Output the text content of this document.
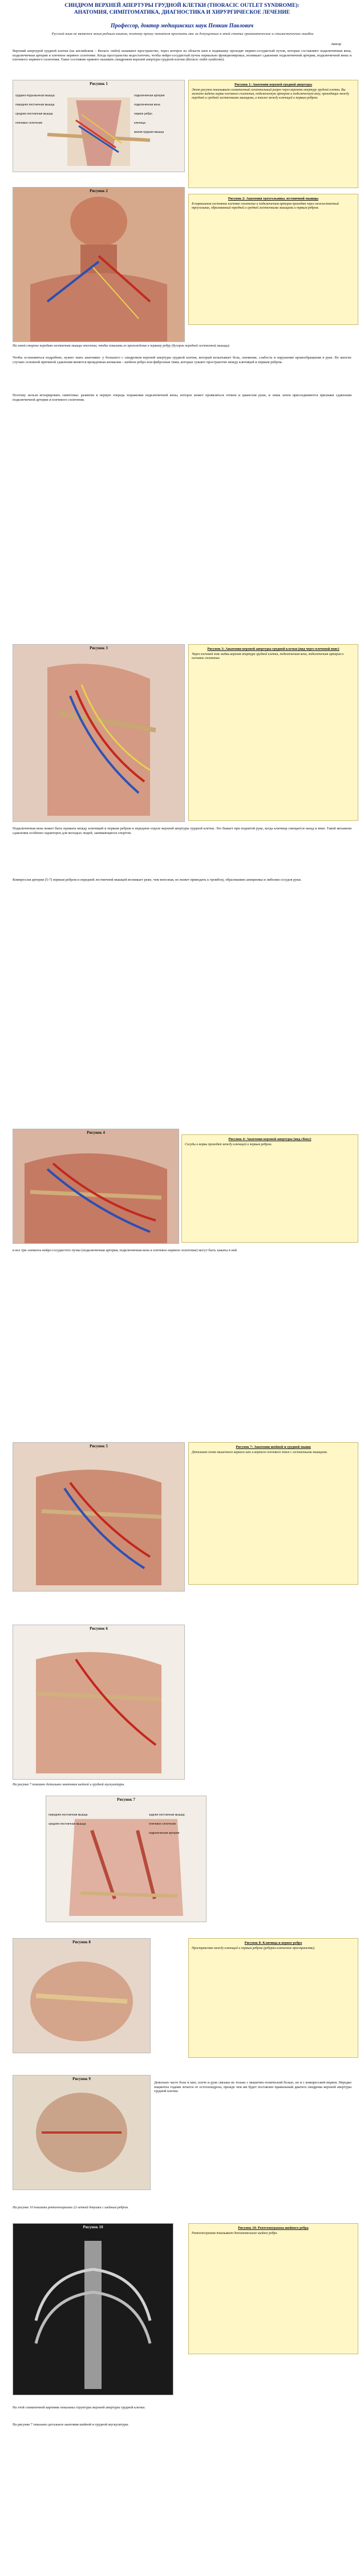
СИНДРОМ ВЕРХНЕЙ АПЕРТУРЫ ГРУДНОЙ КЛЕТКИ (THORACIC OUTLET SYNDROME):
АНАТОМИЯ, СИМПТОМАТИКА, ДИАГНОСТИКА И ХИРУРГИЧЕСКОЕ ЛЕЧЕНИЕ
Профессор, доктор медицинских наук Пенкин Павлович
Русский язык не является моим родным языком, поэтому прошу читателя простить мне за допущенные в этой статье грамматические и стилистические ошибки
Автор
Верхний апертурой грудной клетки (на английском – thoracic outlet) называют пространство, через которое из области шеи в подмышку проходят нервно-сосудистый пучок, которые составляют подключичная вена, подключичная артерия и плечевое нервное сплетение. Когда пространства недостаточно, чтобы нейро-сосудистый пучок нормально функционировал, возникает сдавление подключичной артерии, подключичной вены и плечевого нервного сплетения. Такое состояние принято называть синдромом верхней апертуры грудной клетки (thoracic outlet syndrome).
Рисунок 1
грудино-подъязычная мышца
передняя лестничная мышца
средняя лестничная мышца
плечевое сплетение
подключичная артерия
подключичная вена
первое ребро
ключица
малая грудная мышца
Рисунок 1: Анатомия верхней грудной апертуры
Этот рисунок показывает схематичный сагиттальный разрез через верхнюю апертуру грудной клетки. Вы можете видеть нервы плечевого сплетения, подключичную артерию и подключичную вену, проходящие между передней и средней лестничными мышцами, а также между ключицей и первым ребром.
Рисунок 2
Рисунок 2: Анатомия треугольника лестничной мышцы
В нормальном состоянии плечевое сплетение и подключичная артерия проходят через межлестничный треугольник, образованный передней и средней лестничными мышцами и первым ребром.
На левой стороне передняя лестничная мышца отсечена, чтобы показать ее прохождение к первому ребру (бугорок передней лестничной мышцы).
Чтобы остановиться подробнее, нужно знать анатомию: у большого с синдромом верхней апертуры грудной клетки, который испытывает боль, онемение, слабость и нарушение кровообращения в руке. Во многих случаях основной причиной сдавления является врожденная аномалия – шейное ребро или фиброзные тяжи, которые сужают пространство между ключицей и первым ребром.
Поэтому нельзя игнорировать симптомы: развитие в первую очередь поражения подключичной вены, которое может проявляться отеком и цианозом руки, и лишь затем присоединяются признаки сдавления подключичной артерии и плечевого сплетения.
Рисунок 3	Рисунок 3: Анатомия верхней апертуры грудной клетки (вид через плечевой пояс)
Через плечевой пояс видны верхняя апертура грудной клетки, подключичная вена, подключичная артерия и плечевое сплетение.
Подключичная вена может быть прижата между ключицей и первым ребром в переднем отделе верхней апертуры грудной клетки. Это бывает при поднятой руке, когда ключица смещается назад и вниз. Такой механизм сдавления особенно характерен для молодых людей, занимающихся спортом.
Компрессия артерии (5-7) первым ребром и передней лестничной мышцей возникает реже, чем венозная, но может приводить к тромбозу, образованию аневризмы и эмболии сосудов руки.
Рисунок 4
Рисунок 4: Анатомия верхней апертуры (вид сбоку)
Сосуды и нервы проходят между ключицей и первым ребром.
и все три элемента нейро-сосудистого пучка (подключичная артерия, подключичная вена и плечевое нервное сплетение) могут быть зажаты в ней.
Рисунок 5	Рисунок 7: Анатомия шейной и грудной мышц
Детальная схема мышечного каркаса шеи и верхнего плечевого пояса с лестничными мышцами.
Рисунок 6
На рисунке 7 показано детальное анатомия шейной и грудной мускулатуры.
Рисунок 7
передняя лестничная мышца
средняя лестничная мышца
задняя лестничная мышца
плечевое сплетение
подключичная артерия
Рисунок 8	Рисунок 8: Ключица и первое ребро
Пространство между ключицей и первым ребром (реберно-ключичное пространство).
Рисунок 9
Довольно часто боль в шее, плече и руке связана не только с мышечно-тонической болью, но и с компрессией нервов. Нередко пациенты годами лечатся от остеохондроза, прежде чем им будет поставлен правильный диагноз синдрома верхней апертуры грудной клетки.
На рисунке 10 показана рентгенограмма 22-летней девушки с шейным ребром.
Рисунок 10	Рисунок 10: Рентгенограмма шейного ребра
Рентгенограмма показывает дополнительное шейное ребро.
На этой схематичной картинке показаны структуры верхней апертуры грудной клетки.
На рисунке 7 показано детальное анатомия шейной и грудной мускулатуры.
